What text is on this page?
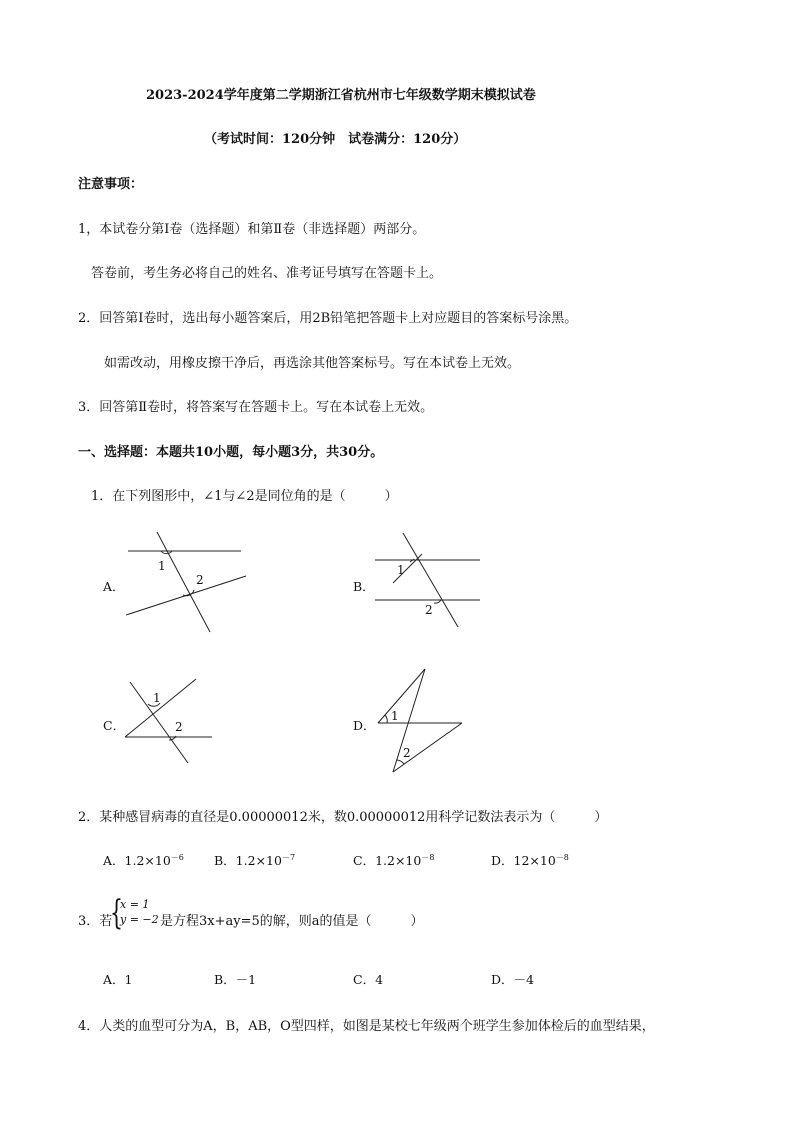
2023-2024学年度第二学期浙江省杭州市七年级数学期末模拟试卷
（考试时间：120分钟　试卷满分：120分）
注意事项：
1，本试卷分第Ⅰ卷（选择题）和第Ⅱ卷（非选择题）两部分。
答卷前，考生务必将自己的姓名、准考证号填写在答题卡上。
2．回答第Ⅰ卷时，选出每小题答案后，用2B铅笔把答题卡上对应题目的答案标号涂黑。
如需改动，用橡皮擦干净后，再选涂其他答案标号。写在本试卷上无效。
3．回答第Ⅱ卷时，将答案写在答题卡上。写在本试卷上无效。
一、选择题：本题共10小题，每小题3分，共30分。
1．在下列图形中，∠1与∠2是同位角的是（　　　）
A．	B．
C．	D．
1
2
1
2
1
2
1
2
2．某种感冒病毒的直径是0.00000012米，数0.00000012用科学记数法表示为（　　　）
A．$1.2\times 10^{-6}$ B．$1.2\times 10^{-7}$	C．$1.2\times 10^{-8}$	D．$12\times 10^{-8}$
3．若
{
x = 1
y = −2 是方程3x+ay=5的解，则a的值是（　　　）
A．1	B．－1	C．4	D．－4
4．人类的血型可分为A，B，AB，O型四样，如图是某校七年级两个班学生参加体检后的血型结果，
